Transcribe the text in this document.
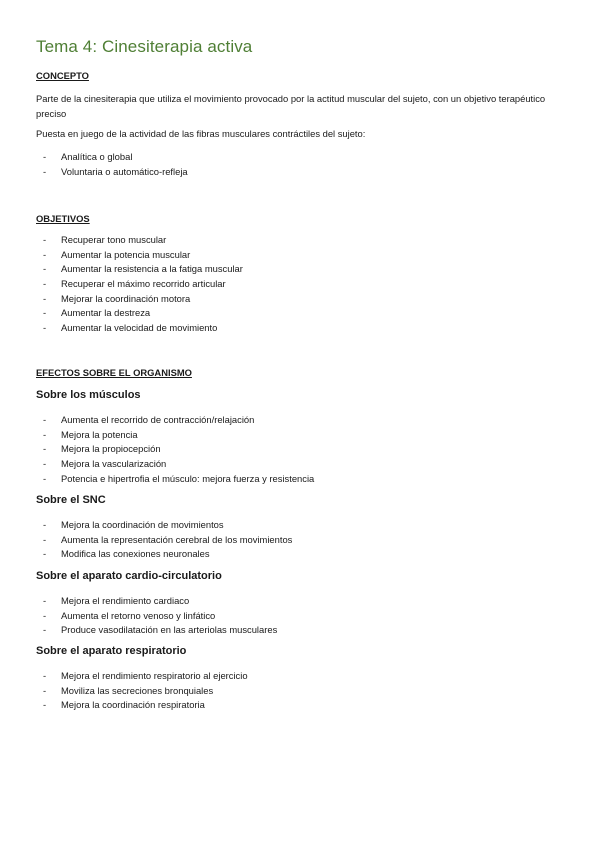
Tema 4: Cinesiterapia activa
CONCEPTO
Parte de la cinesiterapia que utiliza el movimiento provocado por la actitud muscular del sujeto, con un objetivo terapéutico preciso
Puesta en juego de la actividad de las fibras musculares contráctiles del sujeto:
- Analítica o global
- Voluntaria o automático-refleja
OBJETIVOS
- Recuperar tono muscular
- Aumentar la potencia muscular
- Aumentar la resistencia a la fatiga muscular
- Recuperar el máximo recorrido articular
- Mejorar la coordinación motora
- Aumentar la destreza
- Aumentar la velocidad de movimiento
EFECTOS SOBRE EL ORGANISMO
Sobre los músculos
- Aumenta el recorrido de contracción/relajación
- Mejora la potencia
- Mejora la propiocepción
- Mejora la vascularización
- Potencia e hipertrofia el músculo: mejora fuerza y resistencia
Sobre el SNC
- Mejora la coordinación de movimientos
- Aumenta la representación cerebral de los movimientos
- Modifica las conexiones neuronales
Sobre el aparato cardio-circulatorio
- Mejora el rendimiento cardiaco
- Aumenta el retorno venoso y linfático
- Produce vasodilatación en las arteriolas musculares
Sobre el aparato respiratorio
- Mejora el rendimiento respiratorio al ejercicio
- Moviliza las secreciones bronquiales
- Mejora la coordinación respiratoria
